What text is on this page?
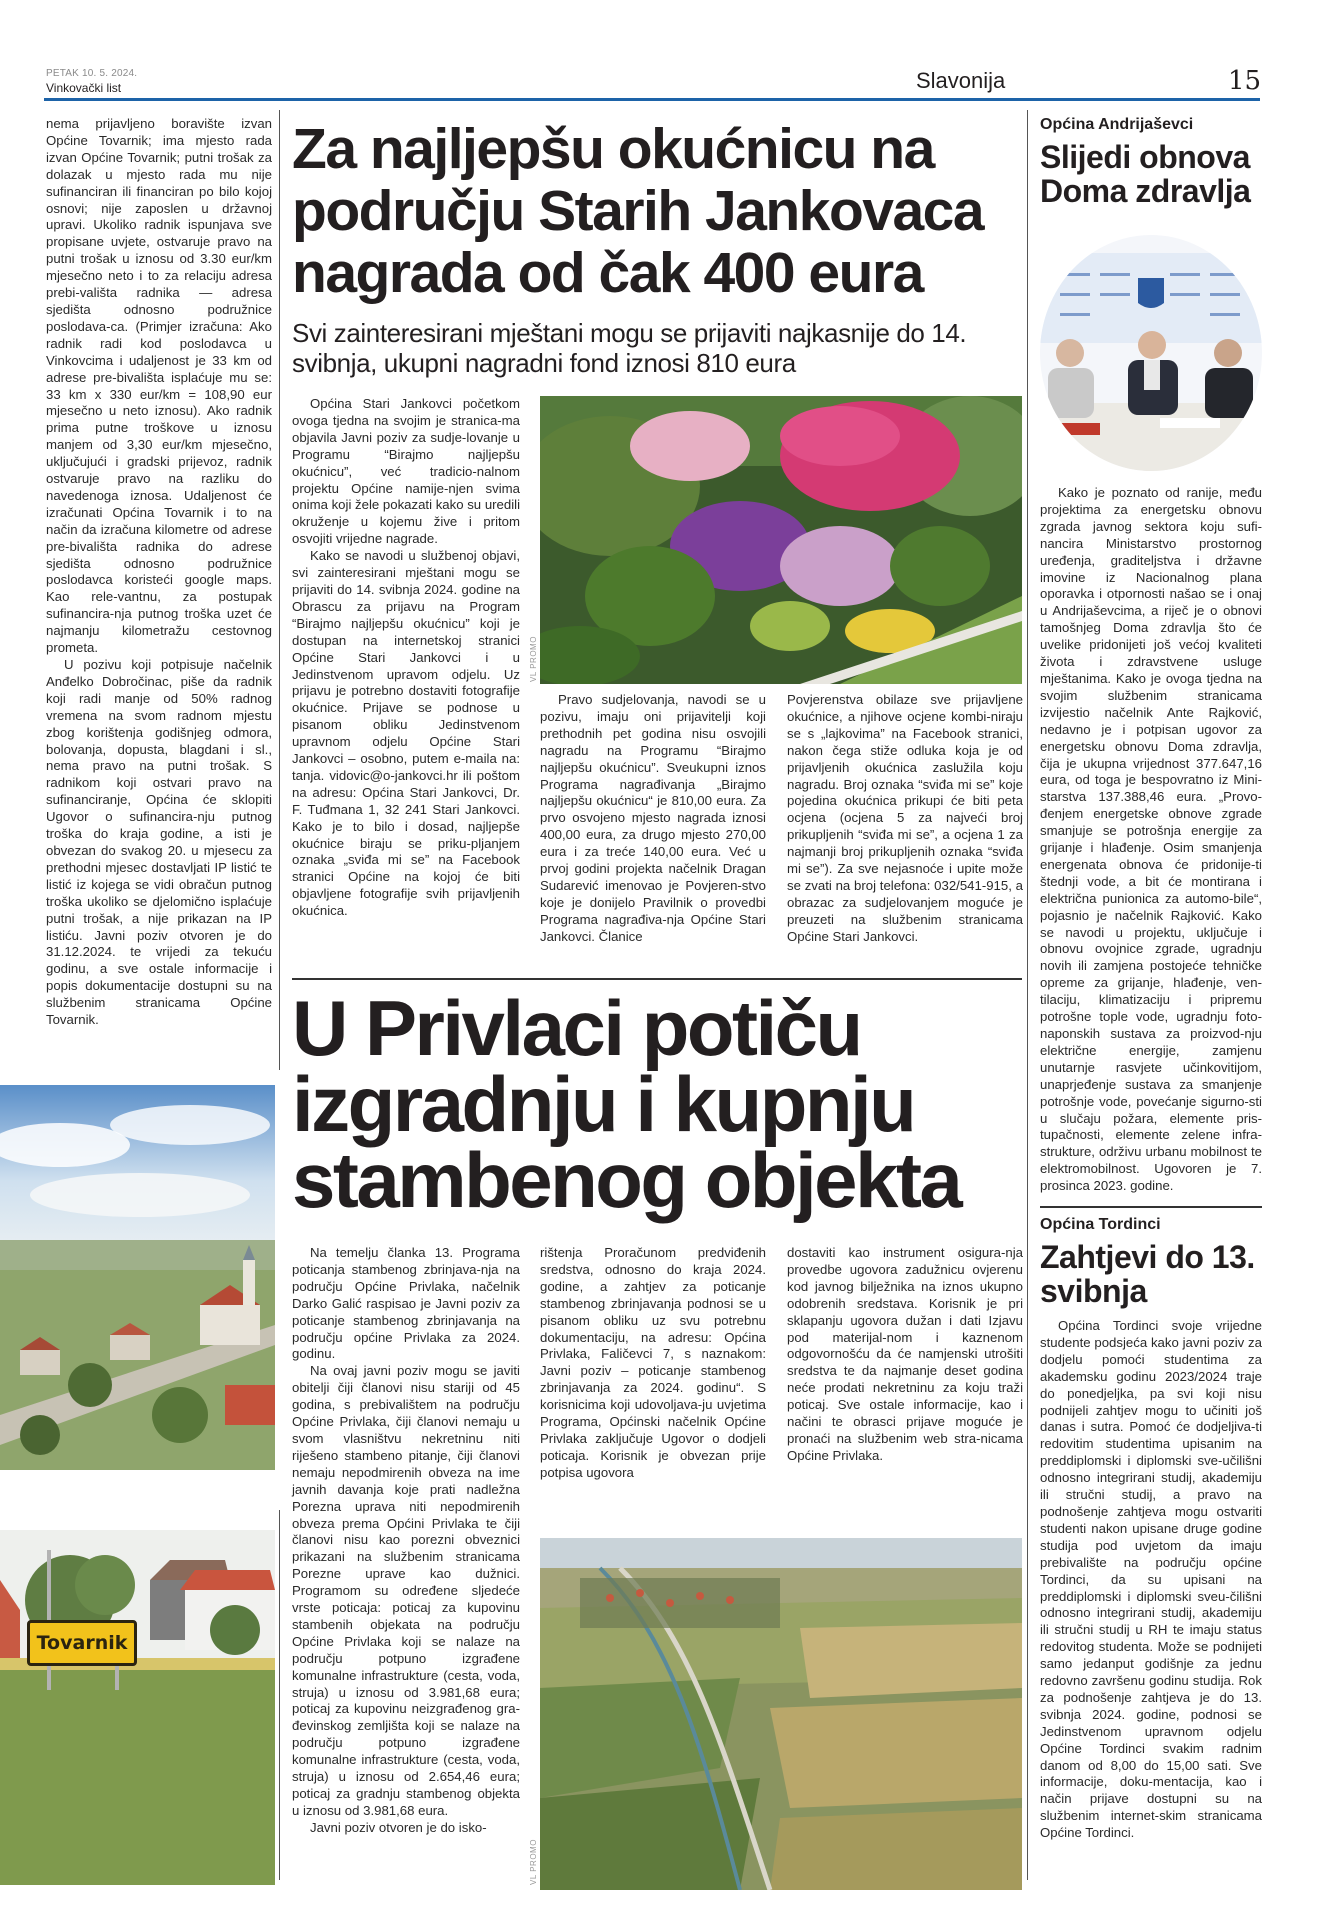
PETAK 10. 5. 2024.
Vinkovački list	Slavonija	15

nema prijavljeno boravište izvan Općine Tovarnik; ima mjesto rada izvan Općine Tovarnik; putni trošak za dolazak u mjesto rada mu nije sufinanciran ili financiran po bilo kojoj osnovi; nije zaposlen u državnoj upravi. Ukoliko radnik ispunjava sve propisane uvjete, ostvaruje pravo na putni trošak u iznosu od 3.30 eur/km mjesečno neto i to za relaciju adresa prebi-vališta radnika — adresa sjedišta odnosno podružnice poslodava-ca. (Primjer izračuna: Ako radnik radi kod poslodavca u Vinkovcima i udaljenost je 33 km od adrese pre-bivališta isplaćuje mu se: 33 km x 330 eur/km = 108,90 eur mjesečno u neto iznosu). Ako radnik prima putne troškove u iznosu manjem od 3,30 eur/km mjesečno, uključujući i gradski prijevoz, radnik ostvaruje pravo na razliku do navedenoga iznosa. Udaljenost će izračunati Općina Tovarnik i to na način da izračuna kilometre od adrese pre-bivališta radnika do adrese sjedišta odnosno podružnice poslodavca koristeći google maps. Kao rele-vantnu, za postupak sufinancira-nja putnog troška uzet će najmanju kilometražu cestovnog prometa.

U pozivu koji potpisuje načelnik Anđelko Dobročinac, piše da radnik koji radi manje od 50% radnog vremena na svom radnom mjestu zbog korištenja godišnjeg odmora, bolovanja, dopusta, blagdani i sl., nema pravo na putni trošak. S radnikom koji ostvari pravo na sufinanciranje, Općina će sklopiti Ugovor o sufinancira-nju putnog troška do kraja godine, a isti je obvezan do svakog 20. u mjesecu za prethodni mjesec dostavljati IP listić te listić iz kojega se vidi obračun putnog troška ukoliko se djelomično isplaćuje putni trošak, a nije prikazan na IP listiću. Javni poziv otvoren je do 31.12.2024. te vrijedi za tekuću godinu, a sve ostale informacije i popis dokumentacije dostupni su na službenim stranicama Općine Tovarnik.

Tovarnik
Za najljepšu okućnicu na području Starih Jankovaca nagrada od čak 400 eura
Svi zainteresirani mještani mogu se prijaviti najkasnije do 14. svibnja, ukupni nagradni fond iznosi 810 eura

Općina Stari Jankovci početkom ovoga tjedna na svojim je stranica-ma objavila Javni poziv za sudje-lovanje u Programu “Birajmo najljepšu okućnicu”, već tradicio-nalnom projektu Općine namije-njen svima onima koji žele pokazati kako su uredili okruženje u kojemu žive i pritom osvojiti vrijedne nagrade.

Kako se navodi u službenoj objavi, svi zainteresirani mještani mogu se prijaviti do 14. svibnja 2024. godine na Obrascu za prijavu na Program “Birajmo najljepšu okućnicu” koji je dostupan na internetskoj stranici Općine Stari Jankovci i u Jedinstvenom upravom odjelu. Uz prijavu je potrebno dostaviti fotografije okućnice. Prijave se podnose u pisanom obliku Jedinstvenom upravnom odjelu Općine Stari Jankovci – osobno, putem e-maila na: tanja. vidovic@o-jankovci.hr ili poštom na adresu: Općina Stari Jankovci, Dr. F. Tuđmana 1, 32 241 Stari Jankovci. Kako je to bilo i dosad, najljepše okućnice biraju se priku-pljanjem oznaka „sviđa mi se” na Facebook stranici Općine na kojoj će biti objavljene fotografije svih prijavljenih okućnica.

VL PROMO

Pravo sudjelovanja, navodi se u pozivu, imaju oni prijavitelji koji prethodnih pet godina nisu osvojili nagradu na Programu “Birajmo najljepšu okućnicu”. Sveukupni iznos Programa nagrađivanja „Birajmo najljepšu okućnicu“ je 810,00 eura. Za prvo osvojeno mjesto nagrada iznosi 400,00 eura, za drugo mjesto 270,00 eura i za treće 140,00 eura. Već u prvoj godini projekta načelnik Dragan Sudarević imenovao je Povjeren-stvo koje je donijelo Pravilnik o provedbi Programa nagrađiva-nja Općine Stari Jankovci. Članice

Povjerenstva obilaze sve prijavljene okućnice, a njihove ocjene kombi-niraju se s „lajkovima” na Facebook stranici, nakon čega stiže odluka koja je od prijavljenih okućnica zaslužila koju nagradu. Broj oznaka “sviđa mi se” koje pojedina okućnica prikupi će biti peta ocjena (ocjena 5 za najveći broj prikupljenih “sviđa mi se”, a ocjena 1 za najmanji broj prikupljenih oznaka “sviđa mi se”). Za sve nejasnoće i upite može se zvati na broj telefona: 032/541-915, a obrazac za sudjelovanjem moguće je preuzeti na službenim stranicama Općine Stari Jankovci.

U Privlaci potiču izgradnju i kupnju stambenog objekta

Na temelju članka 13. Programa poticanja stambenog zbrinjava-nja na području Općine Privlaka, načelnik Darko Galić raspisao je Javni poziv za poticanje stambenog zbrinjavanja na području općine Privlaka za 2024. godinu.

Na ovaj javni poziv mogu se javiti obitelji čiji članovi nisu stariji od 45 godina, s prebivalištem na području Općine Privlaka, čiji članovi nemaju u svom vlasništvu nekretninu niti riješeno stambeno pitanje, čiji članovi nemaju nepodmirenih obveza na ime javnih davanja koje prati nadležna Porezna uprava niti nepodmirenih obveza prema Općini Privlaka te čiji članovi nisu kao porezni obveznici prikazani na službenim stranicama Porezne uprave kao dužnici. Programom su određene sljedeće vrste poticaja: poticaj za kupovinu stambenih objekata na području Općine Privlaka koji se nalaze na području potpuno izgrađene komunalne infrastrukture (cesta, voda, struja) u iznosu od 3.981,68 eura; poticaj za kupovinu neizgrađenog gra-đevinskog zemljišta koji se nalaze na području potpuno izgrađene komunalne infrastrukture (cesta, voda, struja) u iznosu od 2.654,46 eura; poticaj za gradnju stambenog objekta u iznosu od 3.981,68 eura.

Javni poziv otvoren je do isko-

rištenja Proračunom predviđenih sredstva, odnosno do kraja 2024. godine, a zahtjev za poticanje stambenog zbrinjavanja podnosi se u pisanom obliku uz svu potrebnu dokumentaciju, na adresu: Općina Privlaka, Faličevci 7, s naznakom: Javni poziv – poticanje stambenog zbrinjavanja za 2024. godinu“. S korisnicima koji udovoljava-ju uvjetima Programa, Općinski načelnik Općine Privlaka zaključuje Ugovor o dodjeli poticaja. Korisnik je obvezan prije potpisa ugovora

dostaviti kao instrument osigura-nja provedbe ugovora zadužnicu ovjerenu kod javnog bilježnika na iznos ukupno odobrenih sredstava. Korisnik je pri sklapanju ugovora dužan i dati Izjavu pod materijal-nom i kaznenom odgovornošću da će namjenski utrošiti sredstva te da najmanje deset godina neće prodati nekretninu za koju traži poticaj. Sve ostale informacije, kao i načini te obrasci prijave moguće je pronaći na službenim web stra-nicama Općine Privlaka.

VL PROMO
Općina Andrijaševci
Slijedi obnova Doma zdravlja

Kako je poznato od ranije, među projektima za energetsku obnovu zgrada javnog sektora koju sufi-nancira Ministarstvo prostornog uređenja, graditeljstva i državne imovine iz Nacionalnog plana oporavka i otpornosti našao se i onaj u Andrijaševcima, a riječ je o obnovi tamošnjeg Doma zdravlja što će uvelike pridonijeti još većoj kvaliteti života i zdravstvene usluge mještanima. Kako je ovoga tjedna na svojim službenim stranicama izvijestio načelnik Ante Rajković, nedavno je i potpisan ugovor za energetsku obnovu Doma zdravlja, čija je ukupna vrijednost 377.647,16 eura, od toga je bespovratno iz Mini-starstva 137.388,46 eura. „Provo-đenjem energetske obnove zgrade smanjuje se potrošnja energije za grijanje i hlađenje. Osim smanjenja energenata obnova će pridonije-ti štednji vode, a bit će montirana i električna punionica za automo-bile“, pojasnio je načelnik Rajković. Kako se navodi u projektu, uključuje i obnovu ovojnice zgrade, ugradnju novih ili zamjena postojeće tehničke opreme za grijanje, hlađenje, ven-tilaciju, klimatizaciju i pripremu potrošne tople vode, ugradnju foto-naponskih sustava za proizvod-nju električne energije, zamjenu unutarnje rasvjete učinkovitijom, unaprjeđenje sustava za smanjenje potrošnje vode, povećanje sigurno-sti u slučaju požara, elemente pris-tupačnosti, elemente zelene infra-strukture, održivu urbanu mobilnost te elektromobilnost. Ugovoren je 7. prosinca 2023. godine.

Općina Tordinci
Zahtjevi do 13. svibnja

Općina Tordinci svoje vrijedne studente podsjeća kako javni poziv za dodjelu pomoći studentima za akademsku godinu 2023/2024 traje do ponedjeljka, pa svi koji nisu podnijeli zahtjev mogu to učiniti još danas i sutra. Pomoć će dodjeljiva-ti redovitim studentima upisanim na preddiplomski i diplomski sve-učilišni odnosno integrirani studij, akademiju ili stručni studij, a pravo na podnošenje zahtjeva mogu ostvariti studenti nakon upisane druge godine studija pod uvjetom da imaju prebivalište na području općine Tordinci, da su upisani na preddiplomski i diplomski sveu-čilišni odnosno integrirani studij, akademiju ili stručni studij u RH te imaju status redovitog studenta. Može se podnijeti samo jedanput godišnje za jednu redovno završenu godinu studija. Rok za podnošenje zahtjeva je do 13. svibnja 2024. godine, podnosi se Jedinstvenom upravnom odjelu Općine Tordinci svakim radnim danom od 8,00 do 15,00 sati. Sve informacije, doku-mentacija, kao i način prijave dostupni su na službenim internet-skim stranicama Općine Tordinci.
